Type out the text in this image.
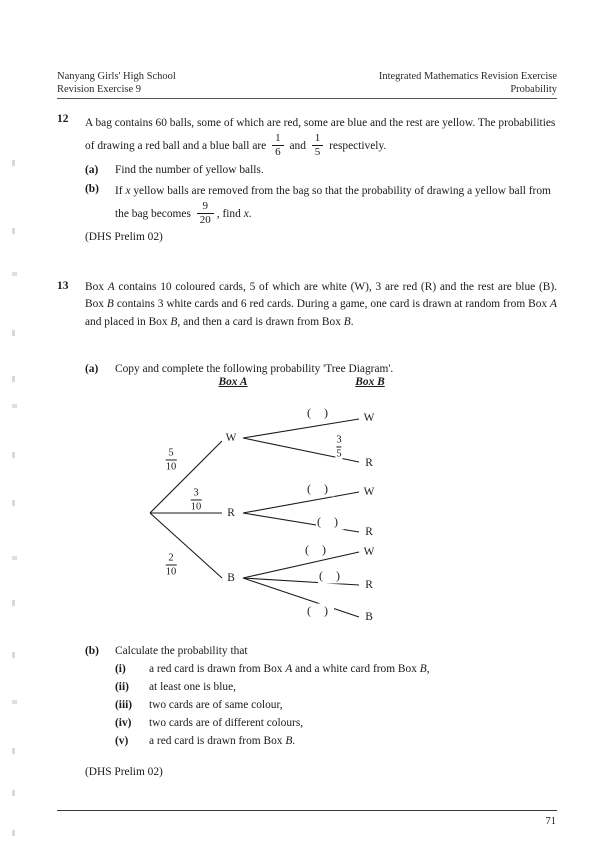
Nanyang Girls' High School	Integrated Mathematics Revision Exercise
Revision Exercise 9	Probability
12 A bag contains 60 balls, some of which are red, some are blue and the rest are yellow. The probabilities of drawing a red ball and a blue ball are $\frac{1}{6}$ and $\frac{1}{5}$ respectively.
(a)	Find the number of yellow balls.
(b)	If x yellow balls are removed from the bag so that the probability of drawing a yellow ball from the bag becomes $\frac{9}{20}$ , find x.
(DHS Prelim 02)
13 Box A contains 10 coloured cards, 5 of which are white (W), 3 are red (R) and the rest are blue (B). Box B contains 3 white cards and 6 red cards. During a game, one card is drawn at random from Box A and placed in Box B, and then a card is drawn from Box B.
(a)	Copy and complete the following probability 'Tree Diagram'.
Box A	Box B
W
R
B
W
R
W
R
W
R
B
5
10
3
10
2
10
3
5
( )
( )
( )
( )
( )
( )
(b)	Calculate the probability that
(i)	a red card is drawn from Box A and a white card from Box B,
(ii)	at least one is blue,
(iii)	two cards are of same colour,
(iv)	two cards are of different colours,
(v)	a red card is drawn from Box B.
(DHS Prelim 02)
71
